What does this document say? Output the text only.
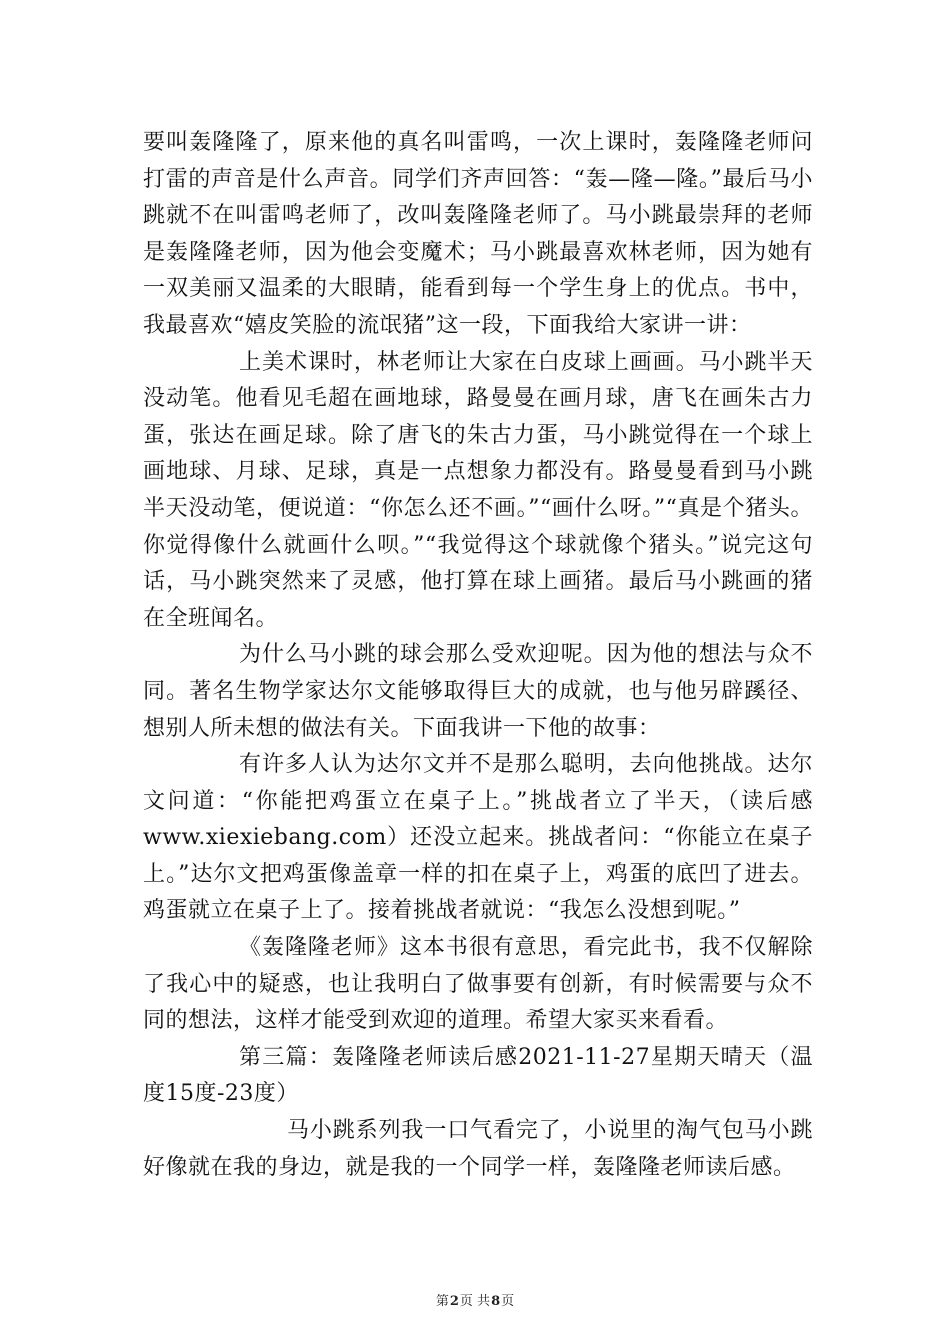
要叫轰隆隆了，原来他的真名叫雷鸣，一次上课时，轰隆隆老师问打雷的声音是什么声音。同学们齐声回答：“轰—隆—隆。”最后马小跳就不在叫雷鸣老师了，改叫轰隆隆老师了。马小跳最崇拜的老师是轰隆隆老师，因为他会变魔术；马小跳最喜欢林老师，因为她有一双美丽又温柔的大眼睛，能看到每一个学生身上的优点。书中，我最喜欢“嬉皮笑脸的流氓猪”这一段，下面我给大家讲一讲：

上美术课时，林老师让大家在白皮球上画画。马小跳半天没动笔。他看见毛超在画地球，路曼曼在画月球，唐飞在画朱古力蛋，张达在画足球。除了唐飞的朱古力蛋，马小跳觉得在一个球上画地球、月球、足球，真是一点想象力都没有。路曼曼看到马小跳半天没动笔，便说道：“你怎么还不画。”“画什么呀。”“真是个猪头。你觉得像什么就画什么呗。”“我觉得这个球就像个猪头。”说完这句话，马小跳突然来了灵感，他打算在球上画猪。最后马小跳画的猪在全班闻名。

为什么马小跳的球会那么受欢迎呢。因为他的想法与众不同。著名生物学家达尔文能够取得巨大的成就，也与他另辟蹊径、想别人所未想的做法有关。下面我讲一下他的故事：

有许多人认为达尔文并不是那么聪明，去向他挑战。达尔文问道：“你能把鸡蛋立在桌子上。”挑战者立了半天，（读后感www.xiexiebang.com）还没立起来。挑战者问：“你能立在桌子上。”达尔文把鸡蛋像盖章一样的扣在桌子上，鸡蛋的底凹了进去。鸡蛋就立在桌子上了。接着挑战者就说：“我怎么没想到呢。”

《轰隆隆老师》这本书很有意思，看完此书，我不仅解除了我心中的疑惑，也让我明白了做事要有创新，有时候需要与众不同的想法，这样才能受到欢迎的道理。希望大家买来看看。

第三篇：轰隆隆老师读后感2021-11-27星期天晴天（温度15度-23度）

马小跳系列我一口气看完了，小说里的淘气包马小跳好像就在我的身边，就是我的一个同学一样，轰隆隆老师读后感。

第2页 共8页
